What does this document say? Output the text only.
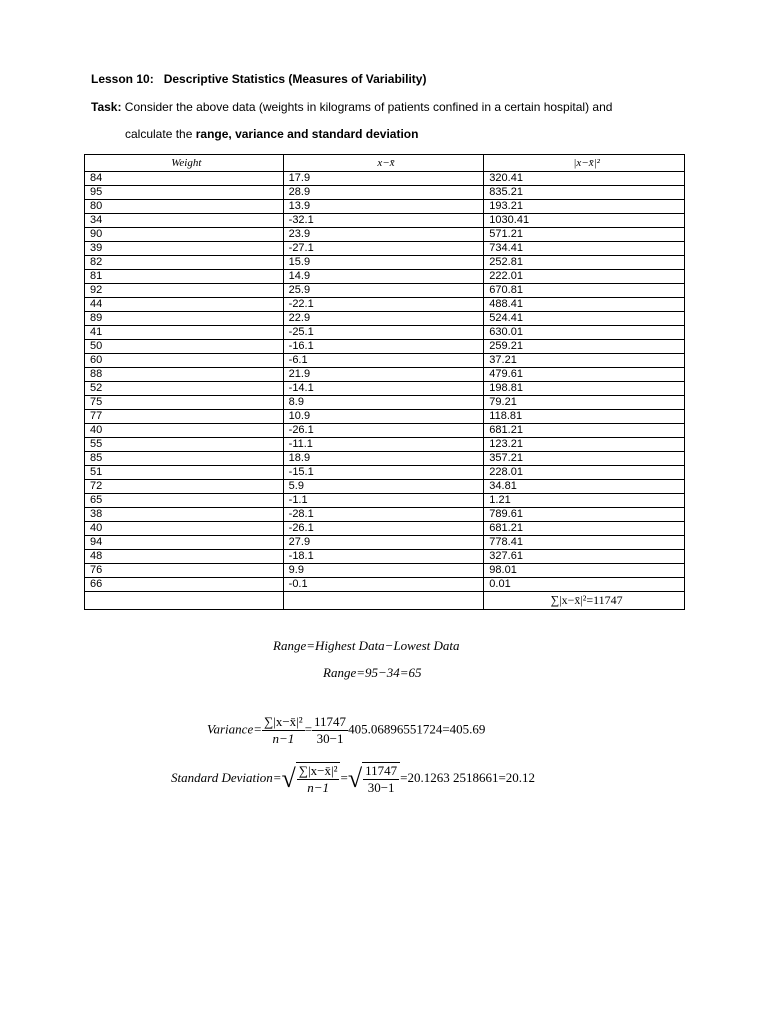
Lesson 10:   Descriptive Statistics (Measures of Variability)
Task: Consider the above data (weights in kilograms of patients confined in a certain hospital) and
calculate the range, variance and standard deviation
Weight	x−x̄	|x−x̄|²
84	17.9	320.41
95	28.9	835.21
80	13.9	193.21
34	-32.1	1030.41
90	23.9	571.21
39	-27.1	734.41
82	15.9	252.81
81	14.9	222.01
92	25.9	670.81
44	-22.1	488.41
89	22.9	524.41
41	-25.1	630.01
50	-16.1	259.21
60	-6.1	37.21
88	21.9	479.61
52	-14.1	198.81
75	8.9	79.21
77	10.9	118.81
40	-26.1	681.21
55	-11.1	123.21
85	18.9	357.21
51	-15.1	228.01
72	5.9	34.81
65	-1.1	1.21
38	-28.1	789.61
40	-26.1	681.21
94	27.9	778.41
48	-18.1	327.61
76	9.9	98.01
66	-0.1	0.01
		∑|x−x̄|²=11747
Range=Highest Data−Lowest Data
Range=95−34=65
Variance= $\frac{\text{∑|x−x̄|²}}{n-1} = \frac{11747}{30-1} 405.06896551724=405.69$
Standard Deviation=√ $\frac{\text{∑|x−x̄|²}}{n-1}$ =√ $\frac{11747}{30-1} =20.1263$ 2518661=20.12
